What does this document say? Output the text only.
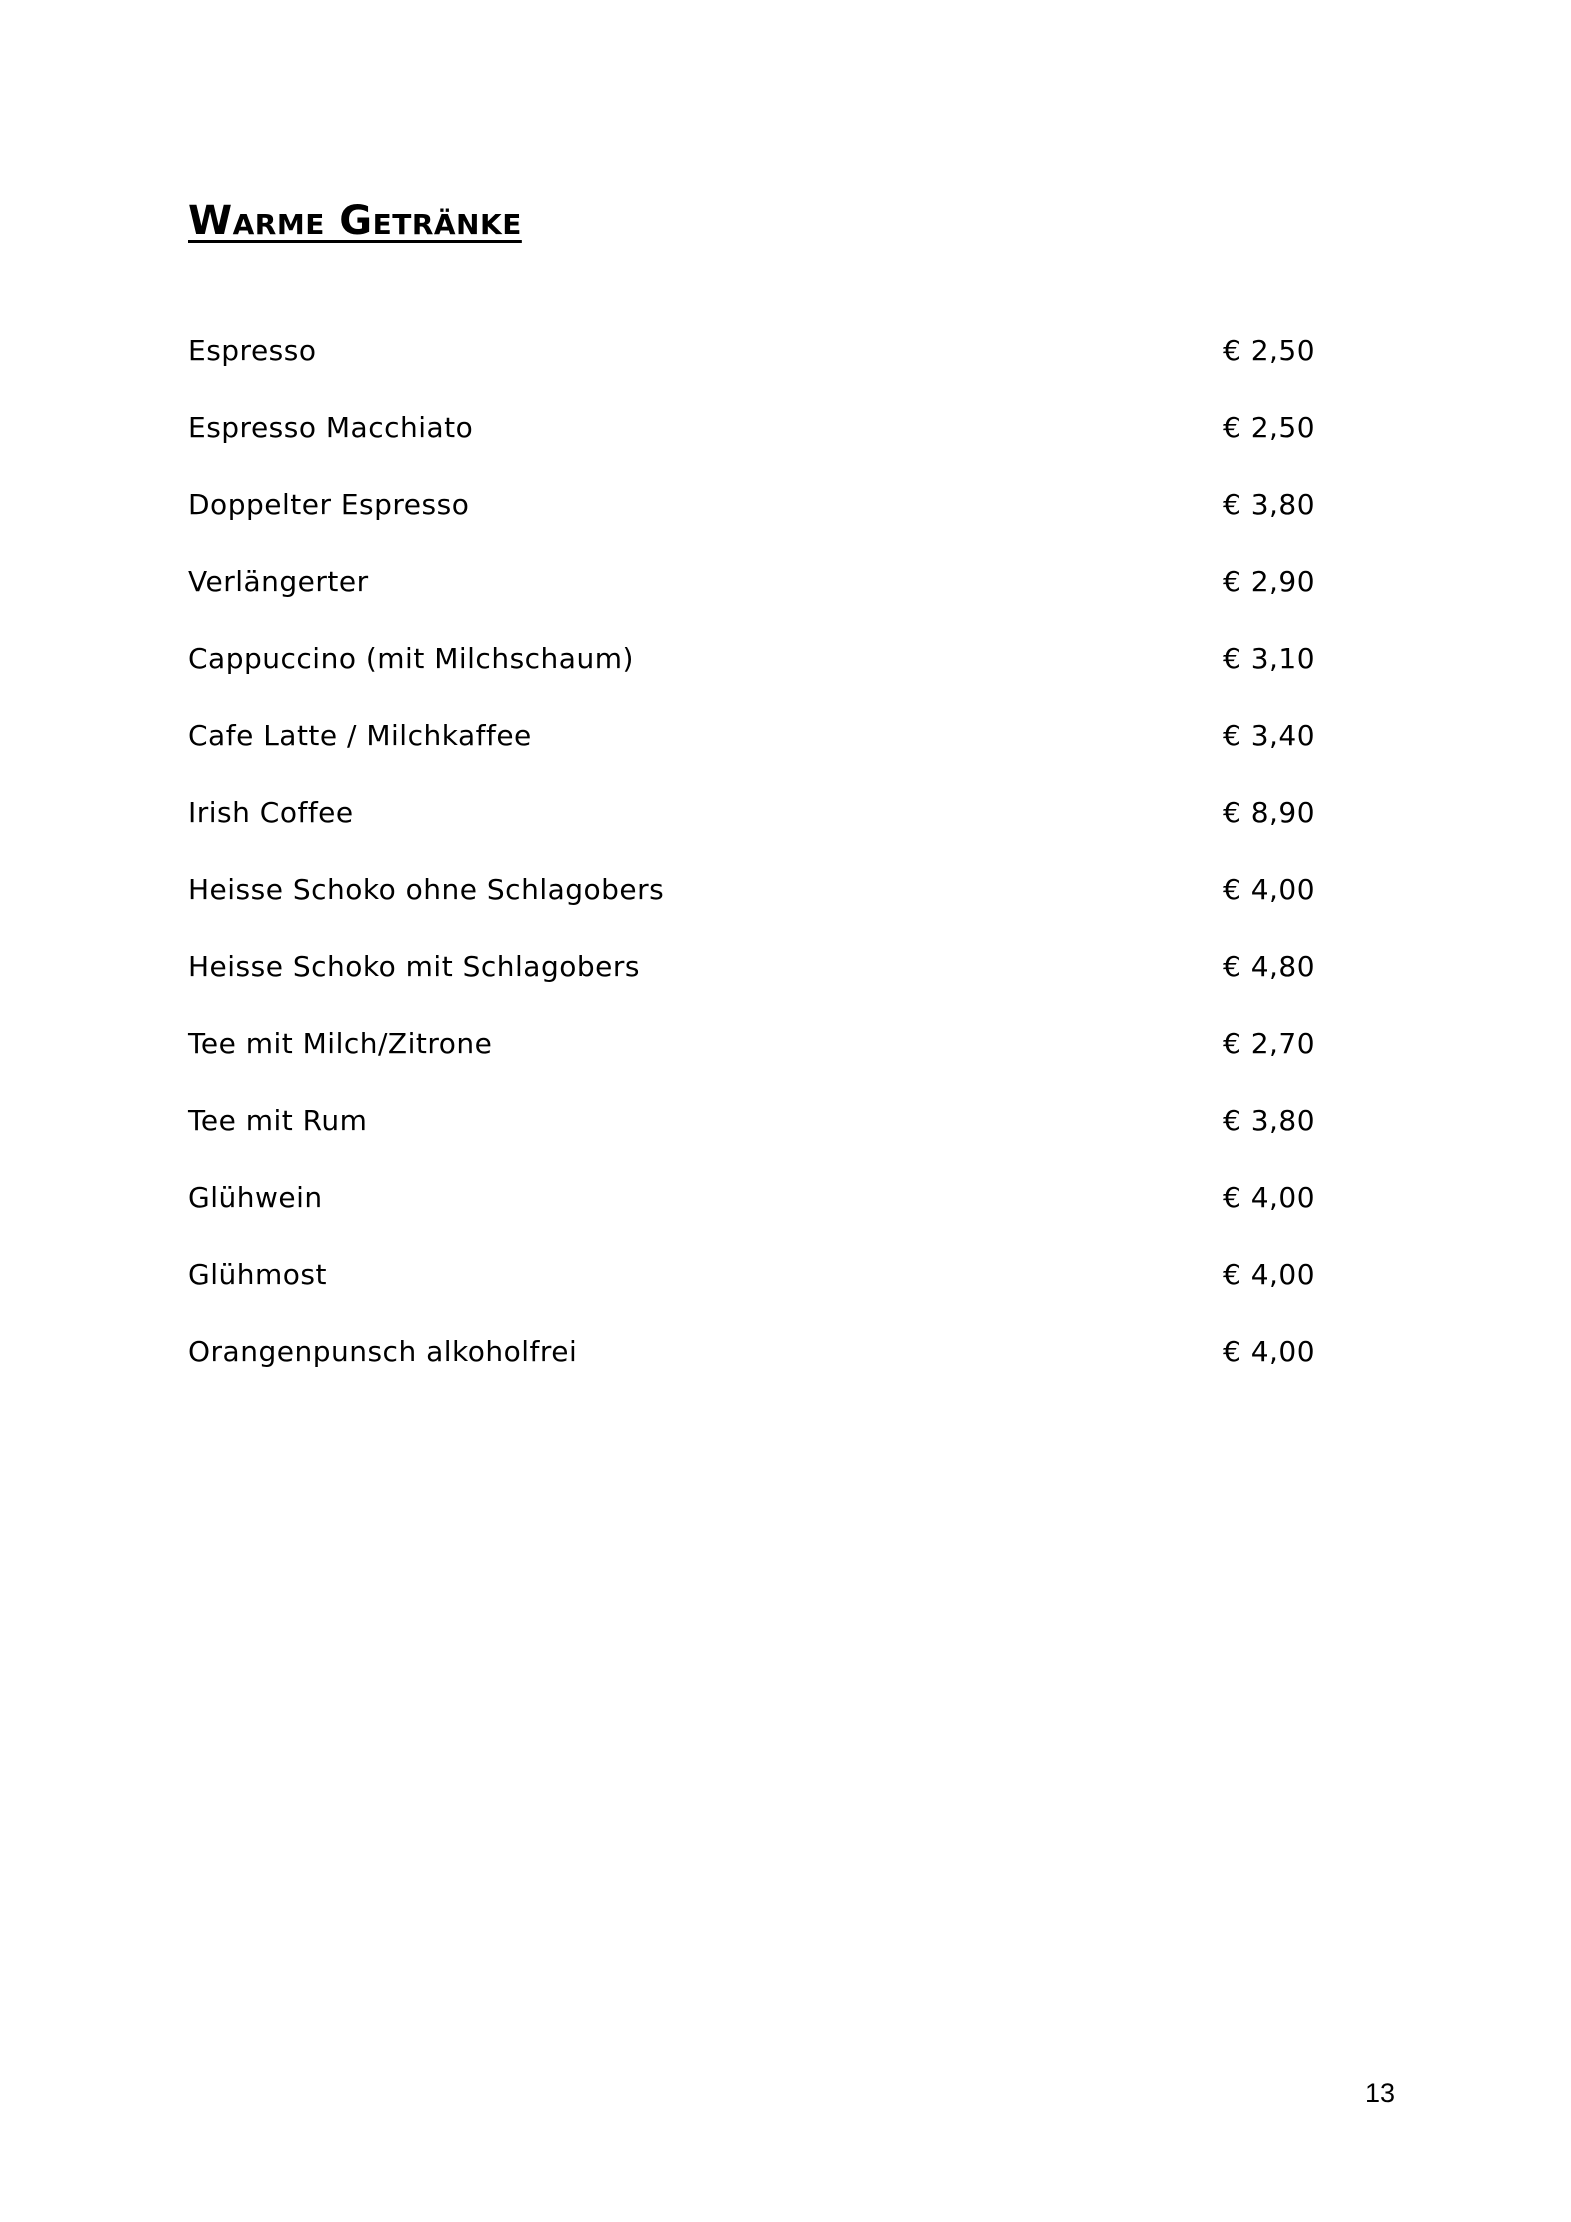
Warme Getränke
Espresso	€ 2,50
Espresso Macchiato	€ 2,50
Doppelter Espresso	€ 3,80
Verlängerter	€ 2,90
Cappuccino (mit Milchschaum)	€ 3,10
Cafe Latte / Milchkaffee	€ 3,40
Irish Coffee	€ 8,90
Heisse Schoko ohne Schlagobers	€ 4,00
Heisse Schoko mit Schlagobers	€ 4,80
Tee mit Milch/Zitrone	€ 2,70
Tee mit Rum	€ 3,80
Glühwein	€ 4,00
Glühmost	€ 4,00
Orangenpunsch alkoholfrei	€ 4,00
13
